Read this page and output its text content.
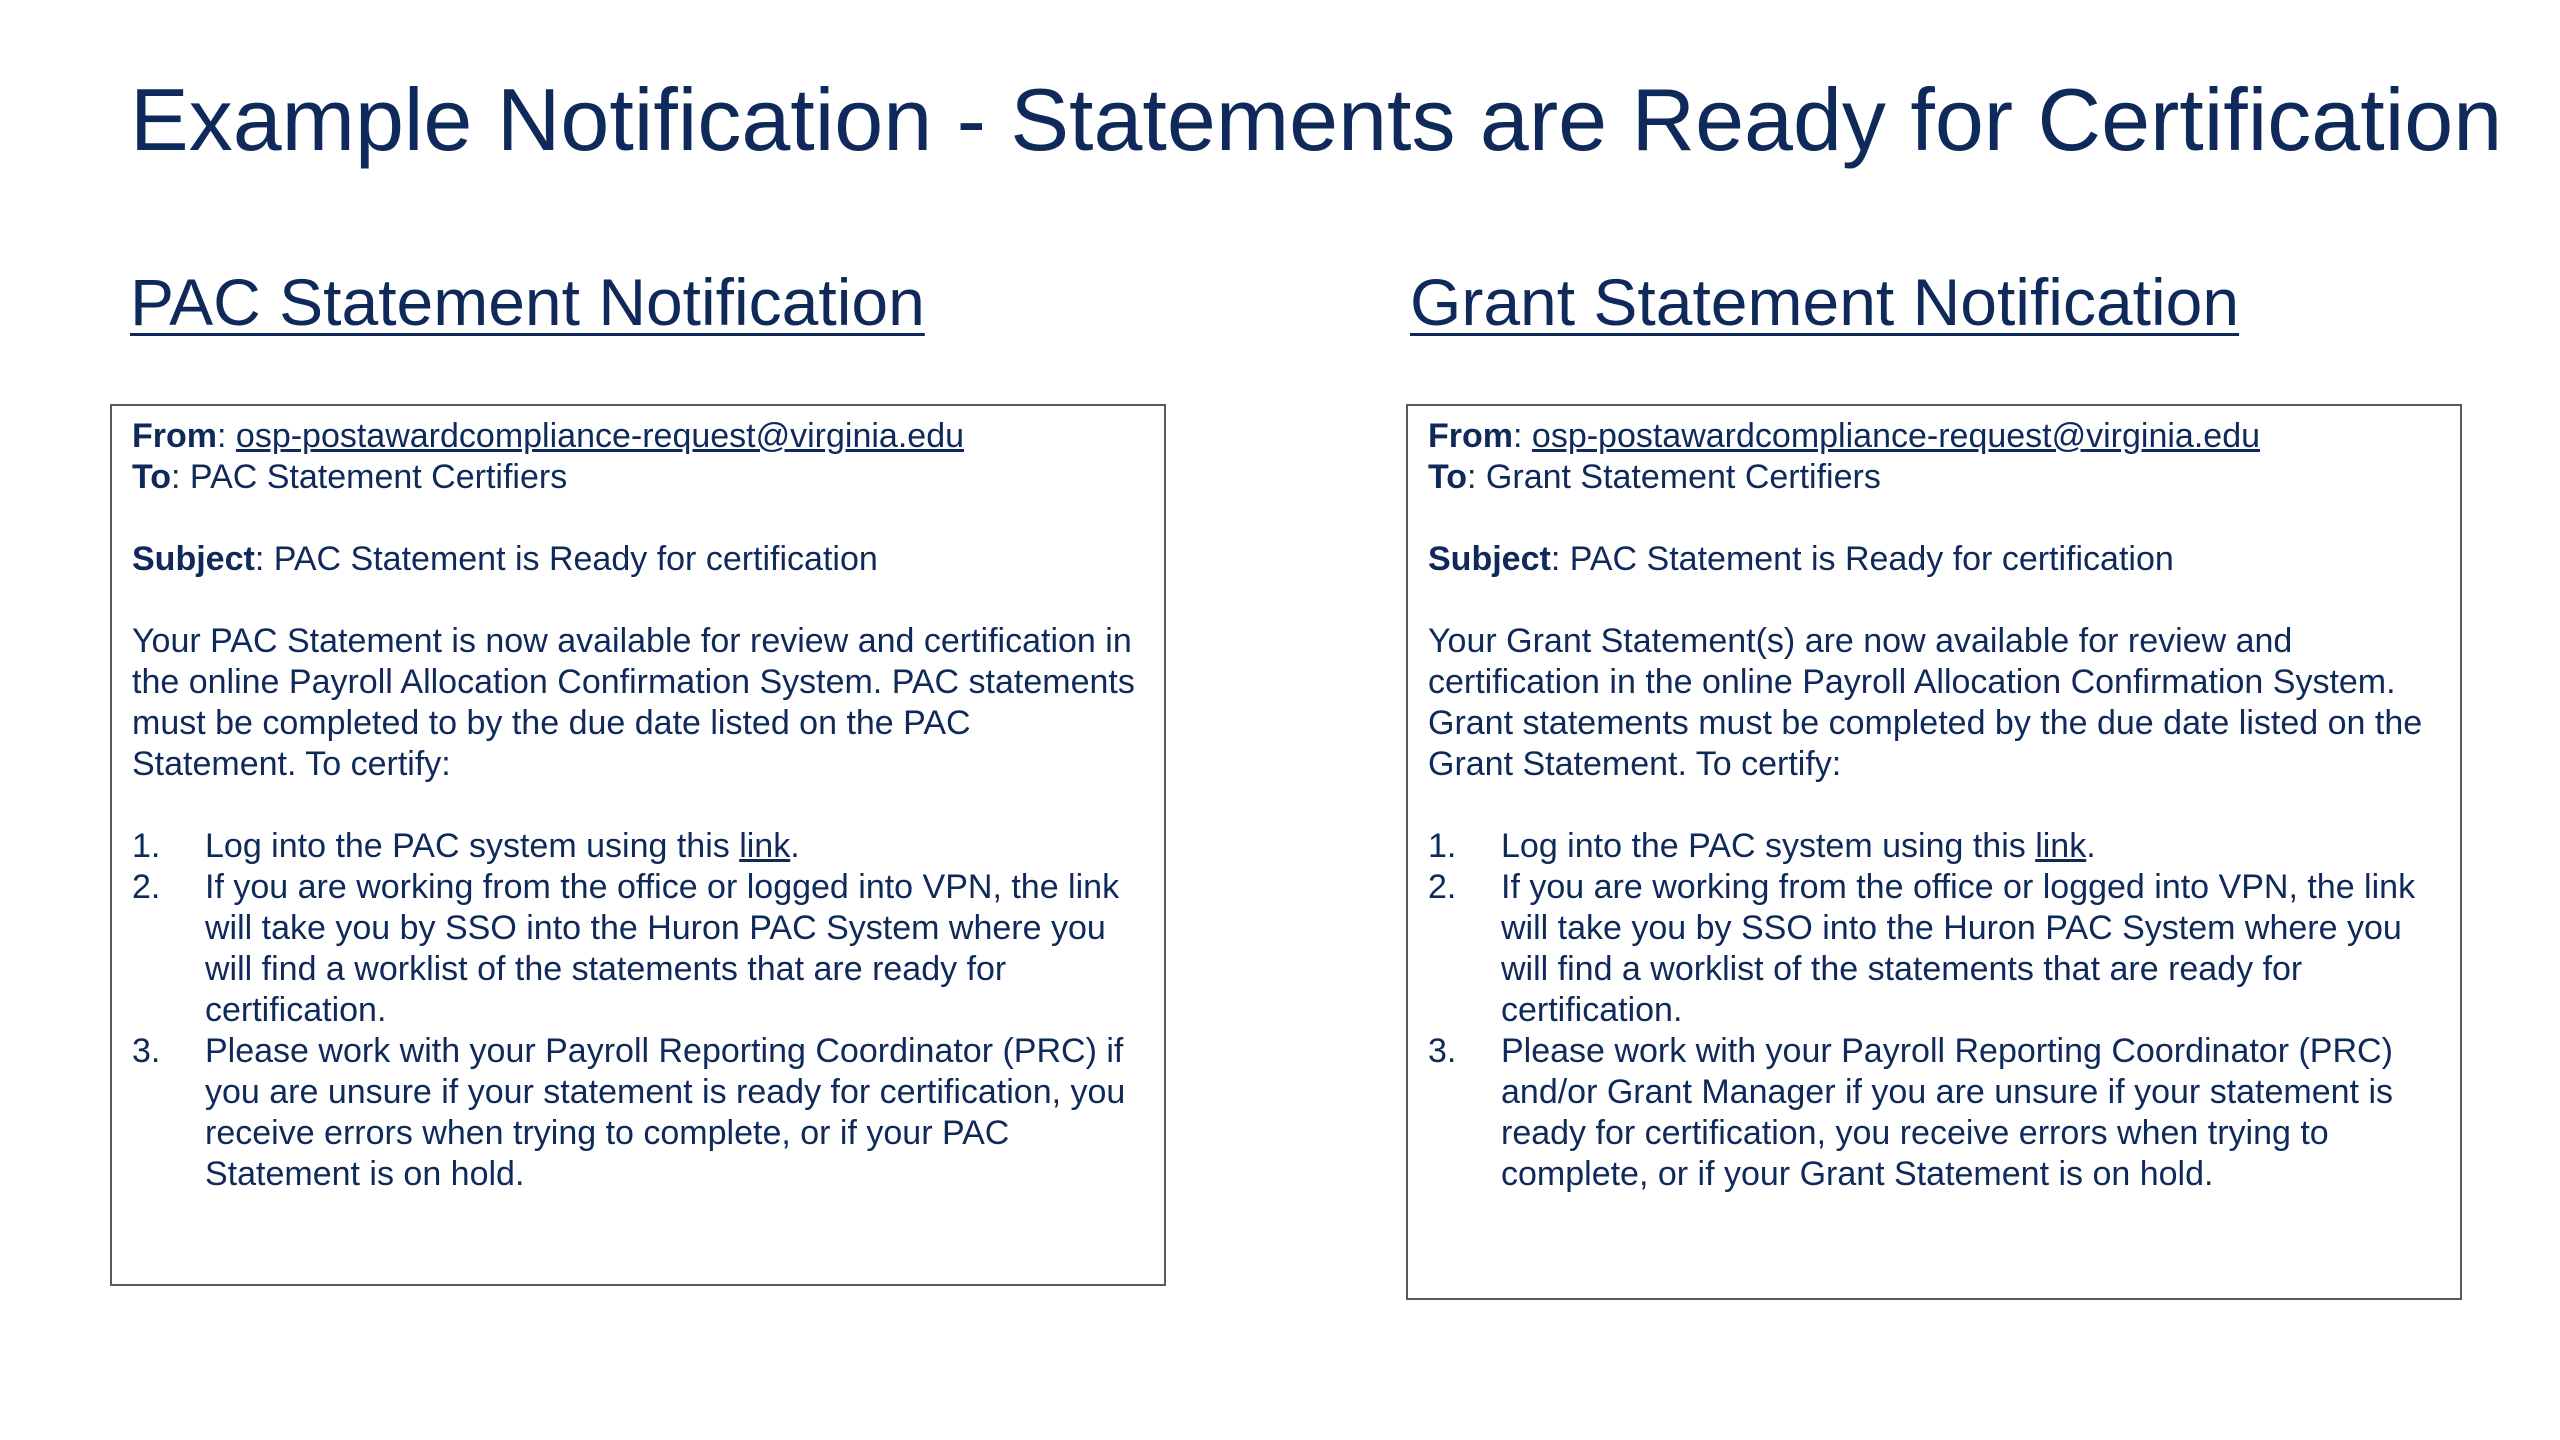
Example Notification - Statements are Ready for Certification
PAC Statement Notification

From: osp-postawardcompliance-request@virginia.edu

To: PAC Statement Certifiers

Subject: PAC Statement is Ready for certification

Your PAC Statement is now available for review and certification in the online Payroll Allocation Confirmation System. PAC statements must be completed to by the due date listed on the PAC Statement. To certify:

1. Log into the PAC system using this link.
2. If you are working from the office or logged into VPN, the link will take you by SSO into the Huron PAC System where you will find a worklist of the statements that are ready for certification.
3. Please work with your Payroll Reporting Coordinator (PRC) if you are unsure if your statement is ready for certification, you receive errors when trying to complete, or if your PAC Statement is on hold.
Grant Statement Notification

From: osp-postawardcompliance-request@virginia.edu

To: Grant Statement Certifiers

Subject: PAC Statement is Ready for certification

Your Grant Statement(s) are now available for review and certification in the online Payroll Allocation Confirmation System. Grant statements must be completed by the due date listed on the Grant Statement. To certify:

1. Log into the PAC system using this link.
2. If you are working from the office or logged into VPN, the link will take you by SSO into the Huron PAC System where you will find a worklist of the statements that are ready for certification.
3. Please work with your Payroll Reporting Coordinator (PRC) and/or Grant Manager if you are unsure if your statement is ready for certification, you receive errors when trying to complete, or if your Grant Statement is on hold.
